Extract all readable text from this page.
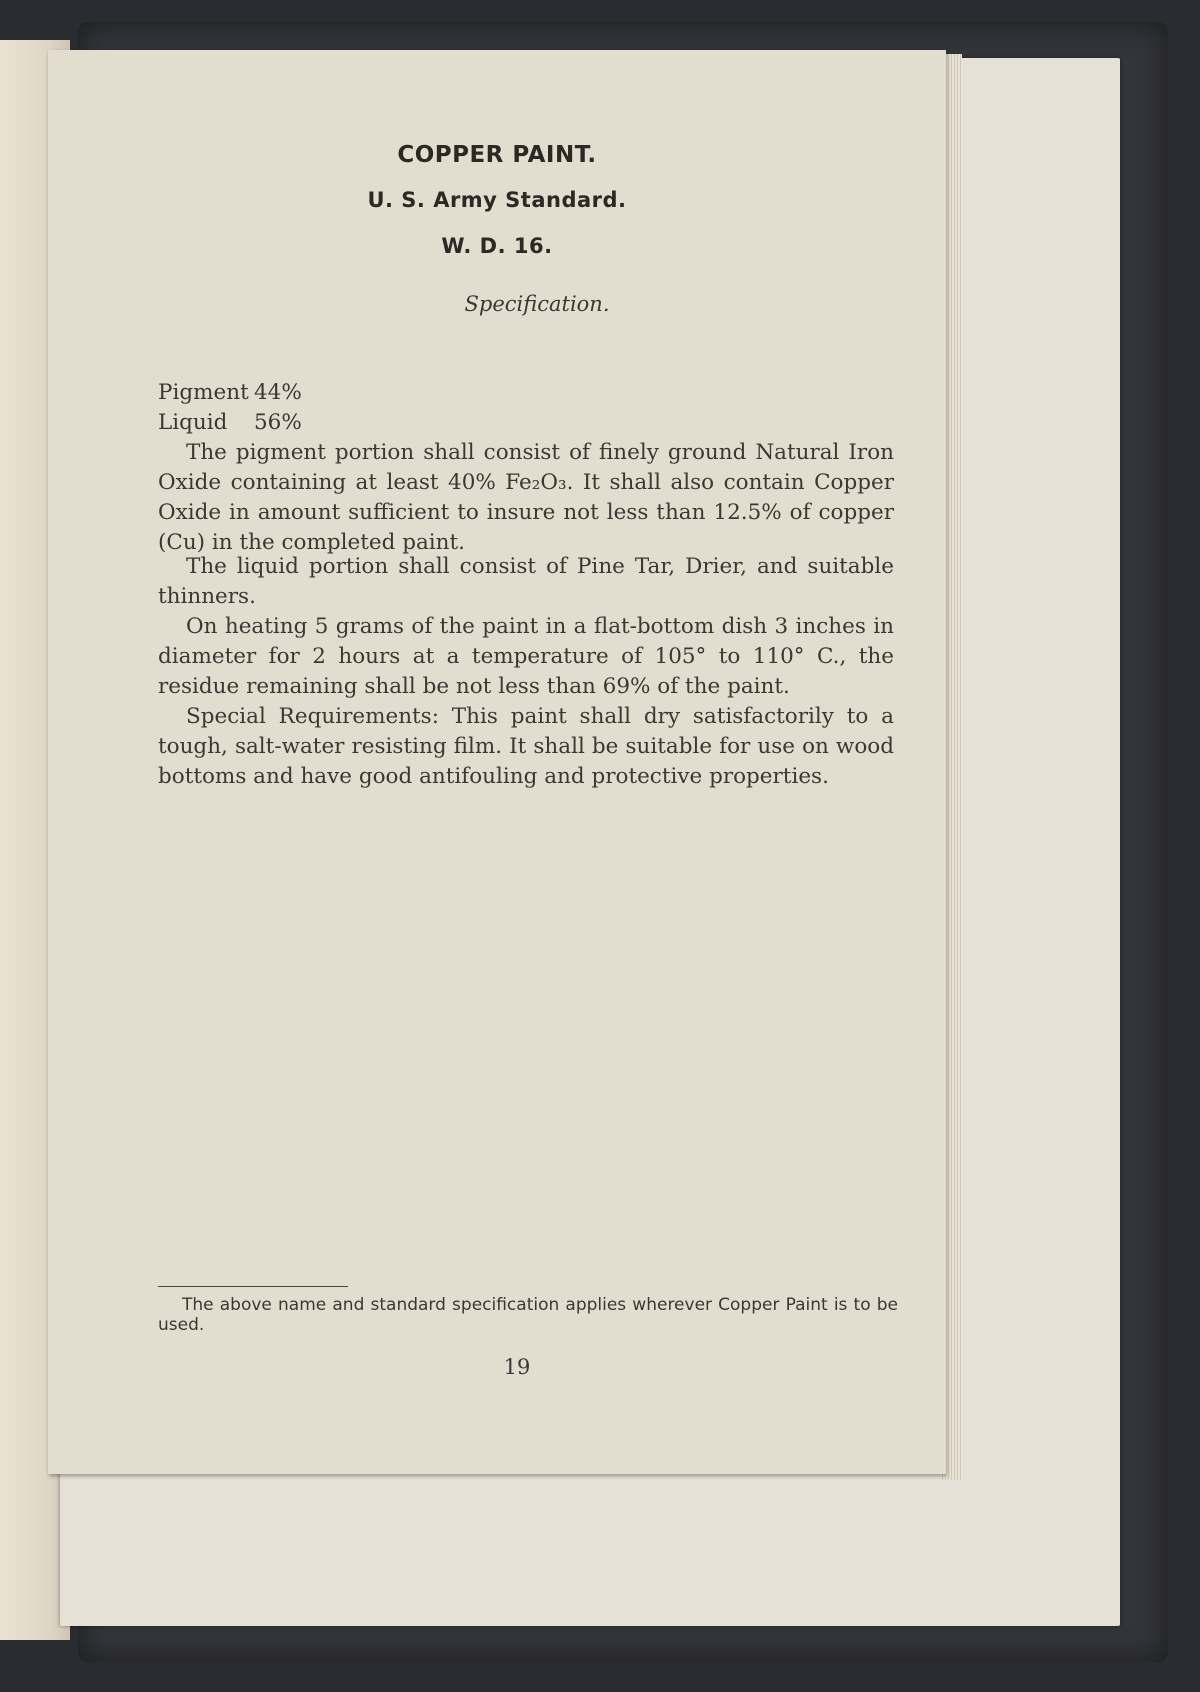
COPPER PAINT.
U. S. Army Standard.
W. D. 16.
Specification.
Pigment 44%
Liquid 56%

The pigment portion shall consist of finely ground Natural Iron Oxide containing at least 40% Fe₂O₃. It shall also contain Copper Oxide in amount sufficient to insure not less than 12.5% of copper (Cu) in the completed paint.

The liquid portion shall consist of Pine Tar, Drier, and suitable thinners.

On heating 5 grams of the paint in a flat-bottom dish 3 inches in diameter for 2 hours at a temperature of 105° to 110° C., the residue remaining shall be not less than 69% of the paint.

Special Requirements: This paint shall dry satisfactorily to a tough, salt-water resisting film. It shall be suitable for use on wood bottoms and have good antifouling and protective properties.

The above name and standard specification applies wherever Copper Paint is to be used.
19
